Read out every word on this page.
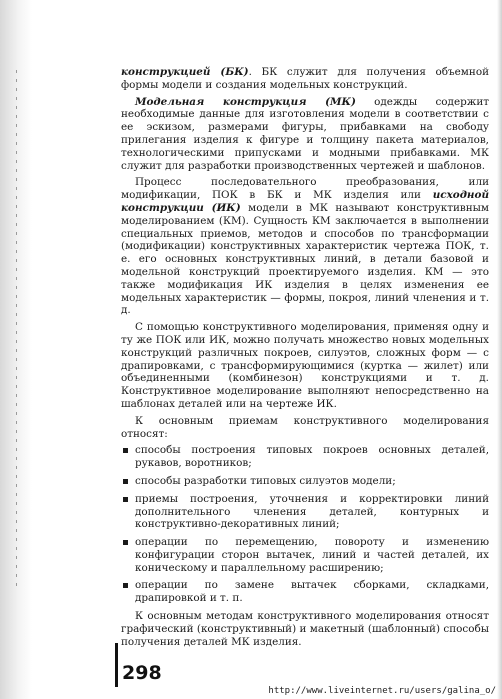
конструкцией (БК). БК служит для получения объемной формы модели и создания модельных конструкций.

Модельная конструкция (МК) одежды содержит необходимые данные для изготовления модели в соответствии с ее эскизом, размерами фигуры, прибавками на свободу прилегания изделия к фигуре и толщину пакета материалов, технологическими припусками и модными прибавками. МК служит для разработки производственных чертежей и шаблонов.

Процесс последовательного преобразования, или модификации, ПОК в БК и МК изделия или исходной конструкции (ИК) модели в МК называют конструктивным моделированием (КМ). Сущность КМ заключается в выполнении специальных приемов, методов и способов по трансформации (модификации) конструктивных характеристик чертежа ПОК, т. е. его основных конструктивных линий, в детали базовой и модельной конструкций проектируемого изделия. КМ — это также модификация ИК изделия в целях изменения ее модельных характеристик — формы, покроя, линий членения и т. д.

С помощью конструктивного моделирования, применяя одну и ту же ПОК или ИК, можно получать множество новых модельных конструкций различных покроев, силуэтов, сложных форм — с драпировками, с трансформирующимися (куртка — жилет) или объединенными (комбинезон) конструкциями и т. д. Конструктивное моделирование выполняют непосредственно на шаблонах деталей или на чертеже ИК.

К основным приемам конструктивного моделирования относят:

способы построения типовых покроев основных деталей, рукавов, воротников;
способы разработки типовых силуэтов модели;
приемы построения, уточнения и корректировки линий дополнительного членения деталей, контурных и конструктивно-декоративных линий;
операции по перемещению, повороту и изменению конфигурации сторон вытачек, линий и частей деталей, их коническому и параллельному расширению;
операции по замене вытачек сборками, складками, драпировкой и т. п.

К основным методам конструктивного моделирования относят графический (конструктивный) и макетный (шаблонный) способы получения деталей МК изделия.

298
http://www.liveinternet.ru/users/galina_o/
